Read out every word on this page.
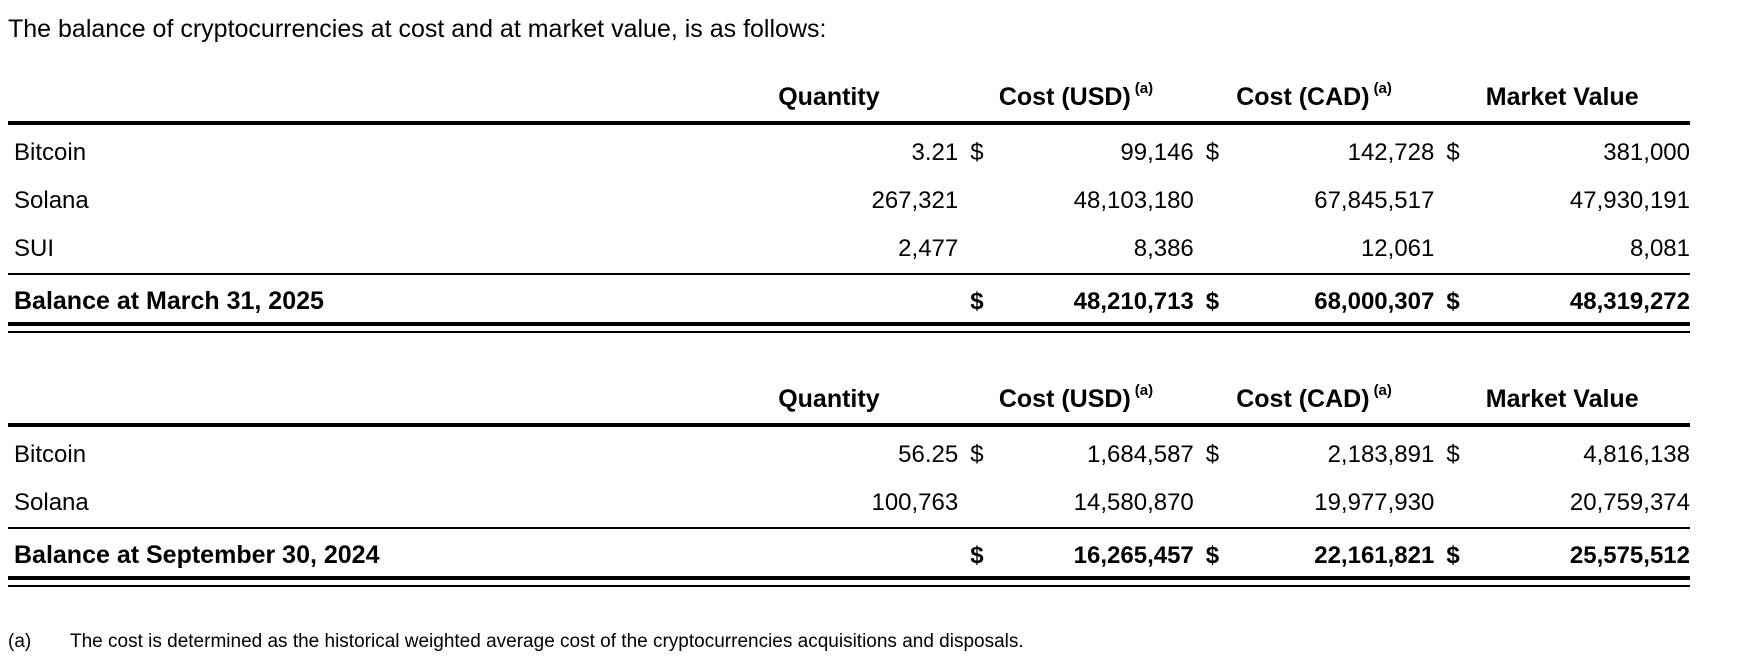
The balance of cryptocurrencies at cost and at market value, is as follows:

	Quantity	Cost (USD) $^{(a)}$		Cost (CAD) $^{(a)}$		Market Value	
Bitcoin	3.21	$	99,146	$	142,728	$	381,000
Solana	267,321		48,103,180		67,845,517		47,930,191
SUI	2,477		8,386		12,061		8,081
Balance at March 31, 2025		$	48,210,713	$	68,000,307	$	48,319,272
	Quantity	Cost (USD) $^{(a)}$		Cost (CAD) $^{(a)}$		Market Value	
Bitcoin	56.25	$	1,684,587	$	2,183,891	$	4,816,138
Solana	100,763		14,580,870		19,977,930		20,759,374
Balance at September 30, 2024		$	16,265,457	$	22,161,821	$	25,575,512
(a)	The cost is determined as the historical weighted average cost of the cryptocurrencies acquisitions and disposals.
